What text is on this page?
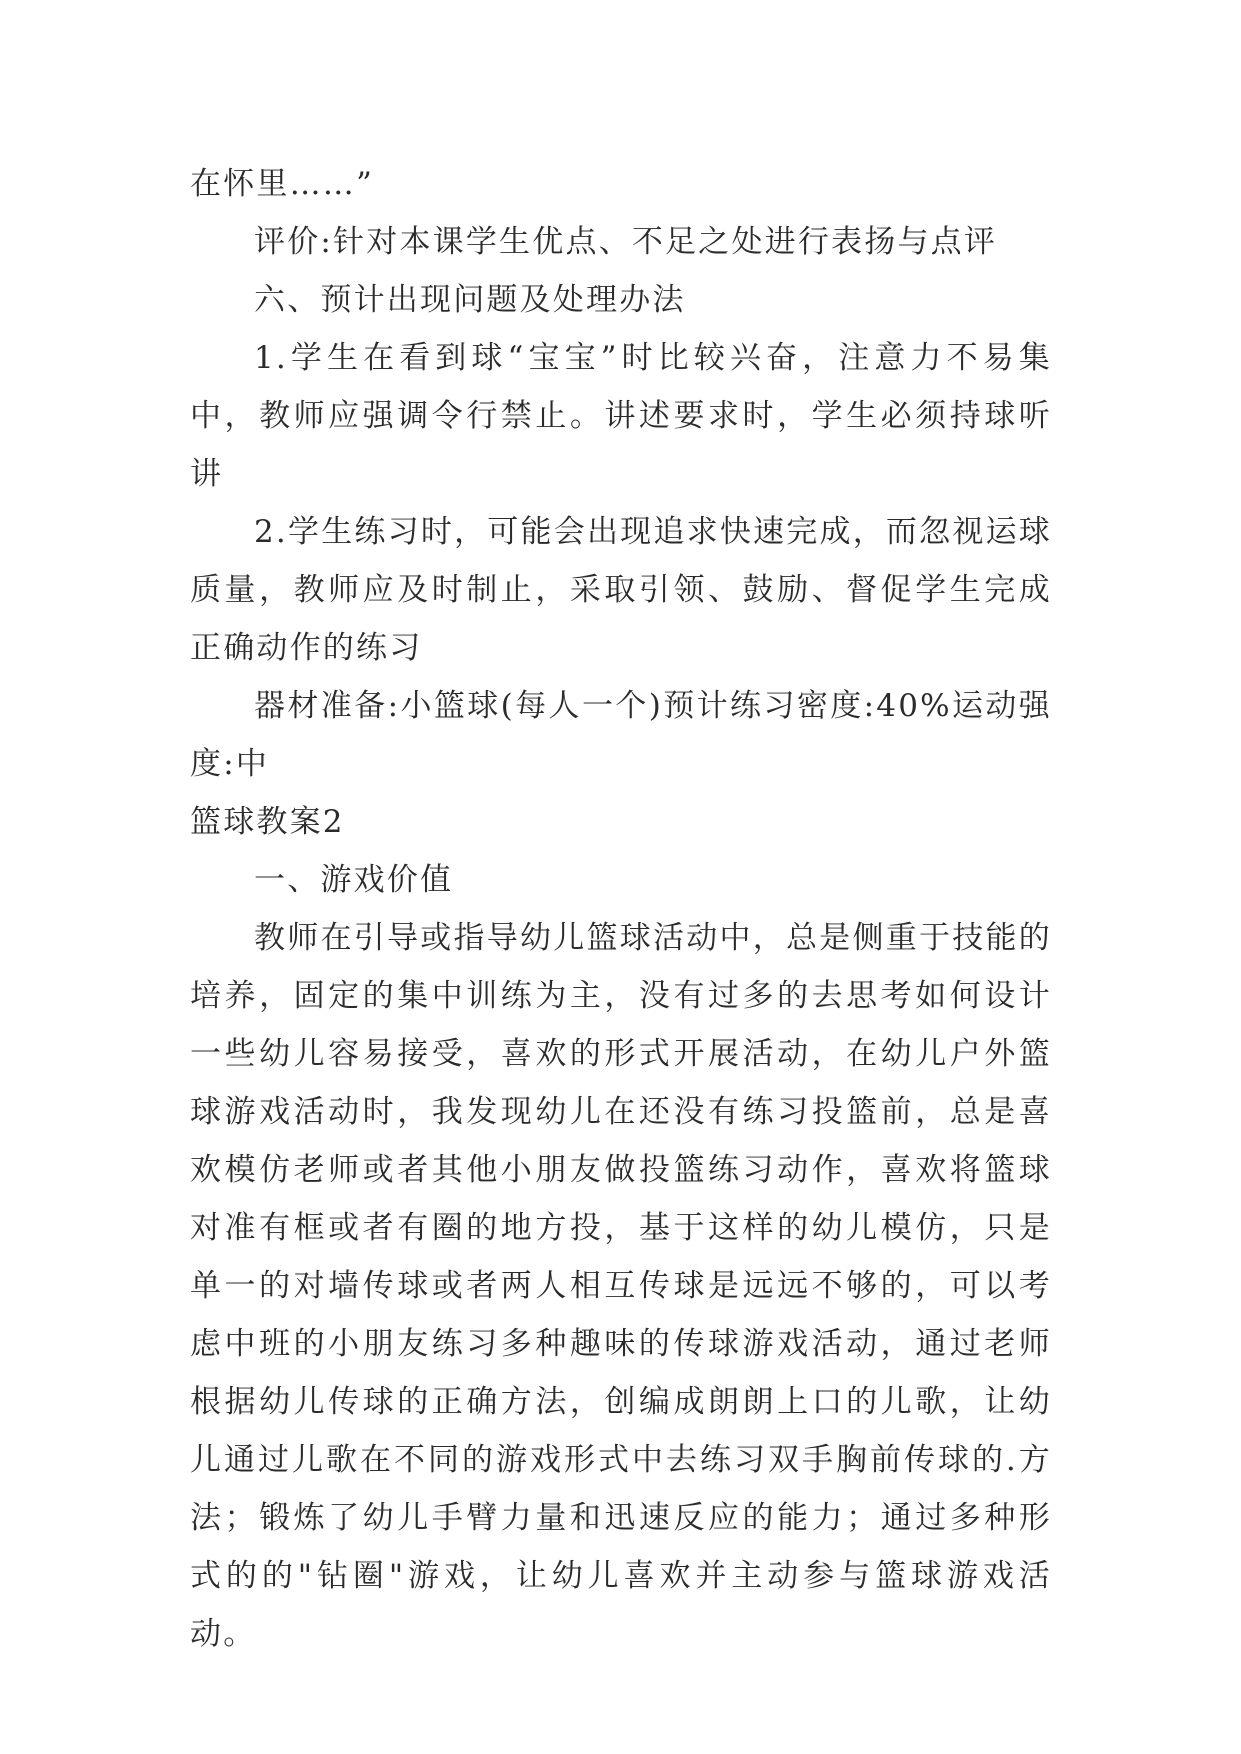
在怀里……”

评价:针对本课学生优点、不足之处进行表扬与点评

六、预计出现问题及处理办法

1.学生在看到球“宝宝”时比较兴奋，注意力不易集中，教师应强调令行禁止。讲述要求时，学生必须持球听讲

2.学生练习时，可能会出现追求快速完成，而忽视运球质量，教师应及时制止，采取引领、鼓励、督促学生完成正确动作的练习

器材准备:小篮球(每人一个)预计练习密度:40%运动强度:中

篮球教案2

一、游戏价值

教师在引导或指导幼儿篮球活动中，总是侧重于技能的培养，固定的集中训练为主，没有过多的去思考如何设计一些幼儿容易接受，喜欢的形式开展活动，在幼儿户外篮球游戏活动时，我发现幼儿在还没有练习投篮前，总是喜欢模仿老师或者其他小朋友做投篮练习动作，喜欢将篮球对准有框或者有圈的地方投，基于这样的幼儿模仿，只是单一的对墙传球或者两人相互传球是远远不够的，可以考虑中班的小朋友练习多种趣味的传球游戏活动，通过老师根据幼儿传球的正确方法，创编成朗朗上口的儿歌，让幼儿通过儿歌在不同的游戏形式中去练习双手胸前传球的.方法；锻炼了幼儿手臂力量和迅速反应的能力；通过多种形式的的"钻圈"游戏，让幼儿喜欢并主动参与篮球游戏活动。
